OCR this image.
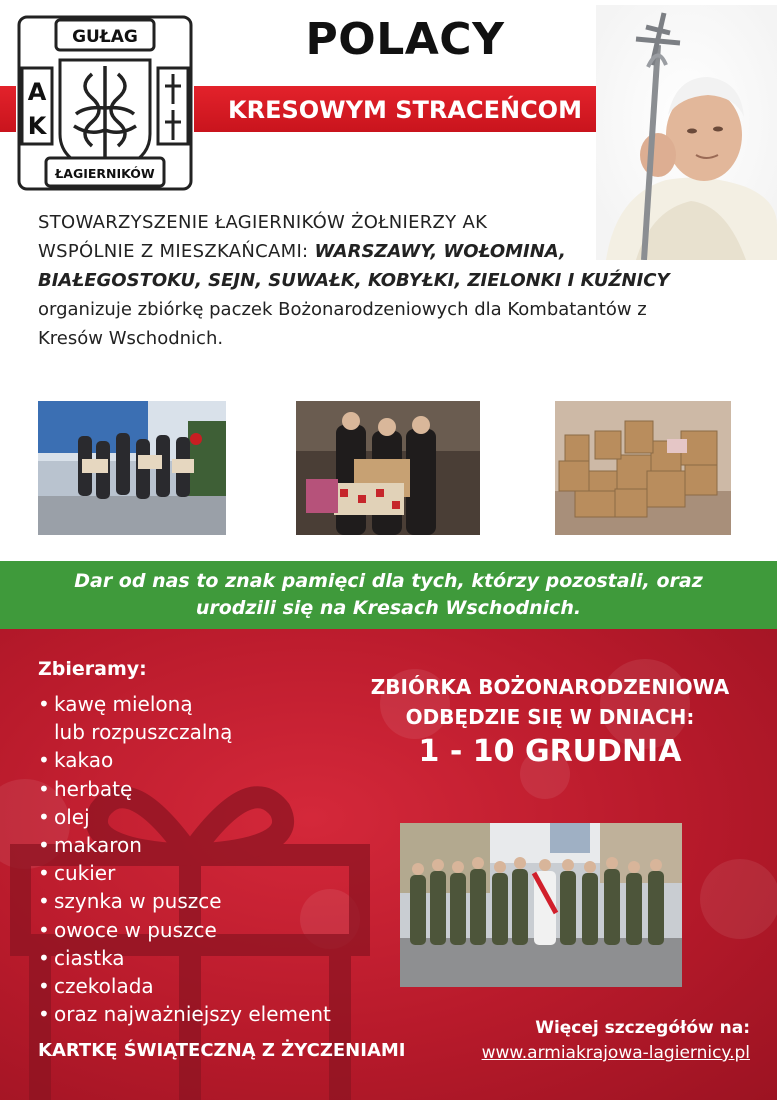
GUŁAG
A
K
ŁAGIERNIKÓW
POLACY
KRESOWYM STRACEŃCOM
STOWARZYSZENIE ŁAGIERNIKÓW ŻOŁNIERZY AK
WSPÓLNIE Z MIESZKAŃCAMI: WARSZAWY, WOŁOMINA,
BIAŁEGOSTOKU, SEJN, SUWAŁK, KOBYŁKI, ZIELONKI I KUŹNICY
organizuje zbiórkę paczek Bożonarodzeniowych dla Kombatantów z
Kresów Wschodnich.
Dar od nas to znak pamięci dla tych, którzy pozostali, oraz
urodzili się na Kresach Wschodnich.
Zbieramy:
• kawę mieloną
lub rozpuszczalną
• kakao
• herbatę
• olej
• makaron
• cukier
• szynka w puszce
• owoce w puszce
• ciastka
• czekolada
• oraz najważniejszy element
KARTKĘ ŚWIĄTECZNĄ Z ŻYCZENIAMI
ZBIÓRKA BOŻONARODZENIOWA
ODBĘDZIE SIĘ W DNIACH:
1 - 10 GRUDNIA
Więcej szczegółów na:
www.armiakrajowa-lagiernicy.pl
